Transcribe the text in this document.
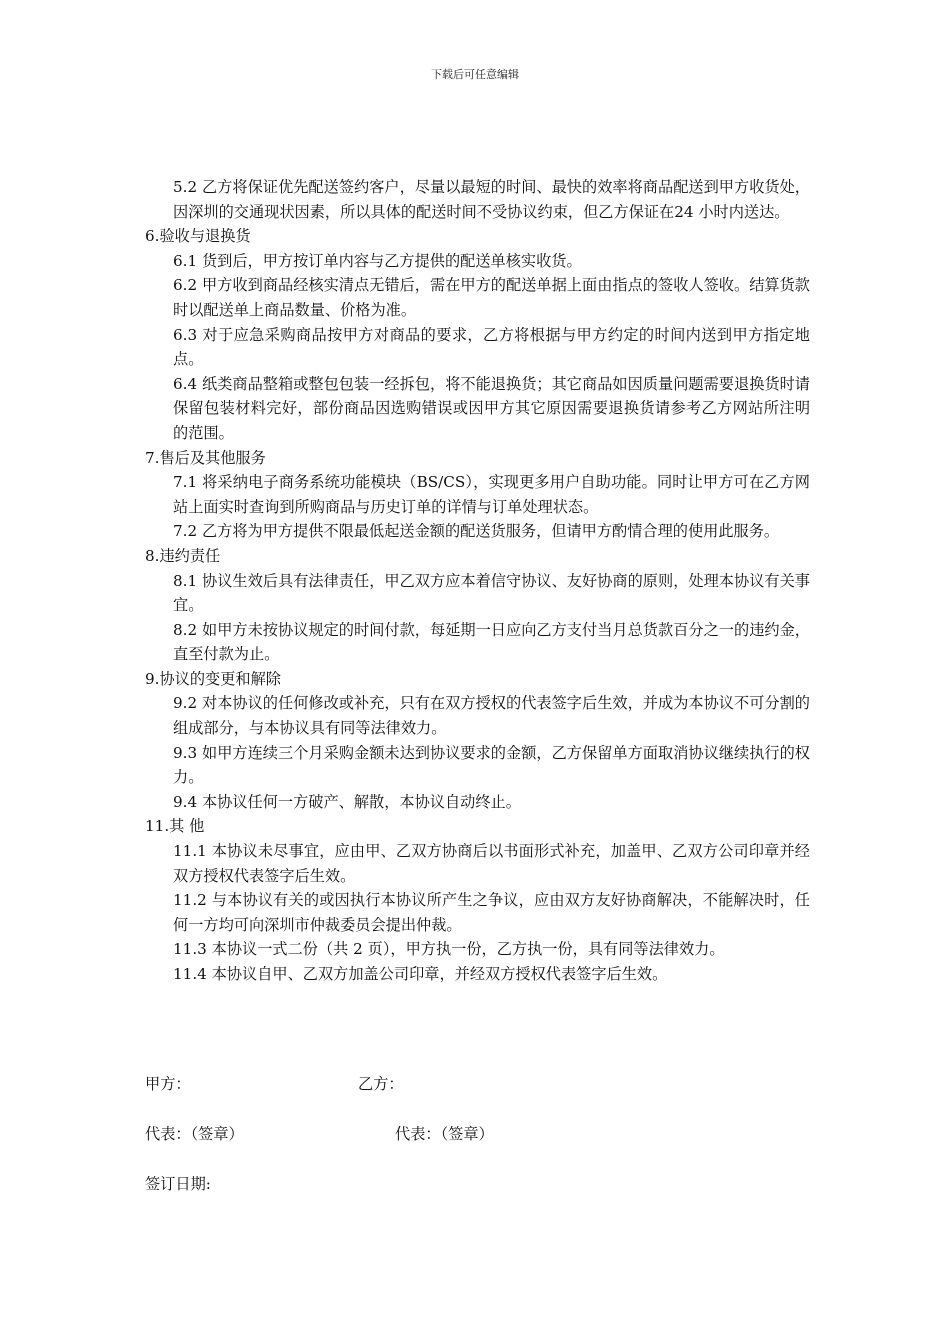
下载后可任意编辑

5.2 乙方将保证优先配送签约客户，尽量以最短的时间、最快的效率将商品配送到甲方收货处，因深圳的交通现状因素，所以具体的配送时间不受协议约束，但乙方保证在24 小时内送达。

6.验收与退换货

6.1 货到后，甲方按订单内容与乙方提供的配送单核实收货。

6.2 甲方收到商品经核实清点无错后，需在甲方的配送单据上面由指点的签收人签收。结算货款时以配送单上商品数量、价格为准。

6.3 对于应急采购商品按甲方对商品的要求，乙方将根据与甲方约定的时间内送到甲方指定地点。

6.4 纸类商品整箱或整包包装一经拆包，将不能退换货；其它商品如因质量问题需要退换货时请保留包装材料完好，部份商品因选购错误或因甲方其它原因需要退换货请参考乙方网站所注明的范围。

7.售后及其他服务

7.1 将采纳电子商务系统功能模块（BS/CS），实现更多用户自助功能。同时让甲方可在乙方网站上面实时查询到所购商品与历史订单的详情与订单处理状态。

7.2 乙方将为甲方提供不限最低起送金额的配送货服务，但请甲方酌情合理的使用此服务。

8.违约责任

8.1 协议生效后具有法律责任，甲乙双方应本着信守协议、友好协商的原则，处理本协议有关事宜。

8.2 如甲方未按协议规定的时间付款，每延期一日应向乙方支付当月总货款百分之一的违约金，直至付款为止。

9.协议的变更和解除

9.2 对本协议的任何修改或补充，只有在双方授权的代表签字后生效，并成为本协议不可分割的组成部分，与本协议具有同等法律效力。

9.3 如甲方连续三个月采购金额未达到协议要求的金额，乙方保留单方面取消协议继续执行的权力。

9.4 本协议任何一方破产、解散，本协议自动终止。

11.其 他

11.1 本协议未尽事宜，应由甲、乙双方协商后以书面形式补充，加盖甲、乙双方公司印章并经双方授权代表签字后生效。

11.2 与本协议有关的或因执行本协议所产生之争议，应由双方友好协商解决，不能解决时，任何一方均可向深圳市仲裁委员会提出仲裁。

11.3 本协议一式二份（共 2 页），甲方执一份，乙方执一份，具有同等法律效力。

11.4 本协议自甲、乙双方加盖公司印章，并经双方授权代表签字后生效。

甲方：	乙方：
代表：（签章）	代表：（签章）
签订日期:
